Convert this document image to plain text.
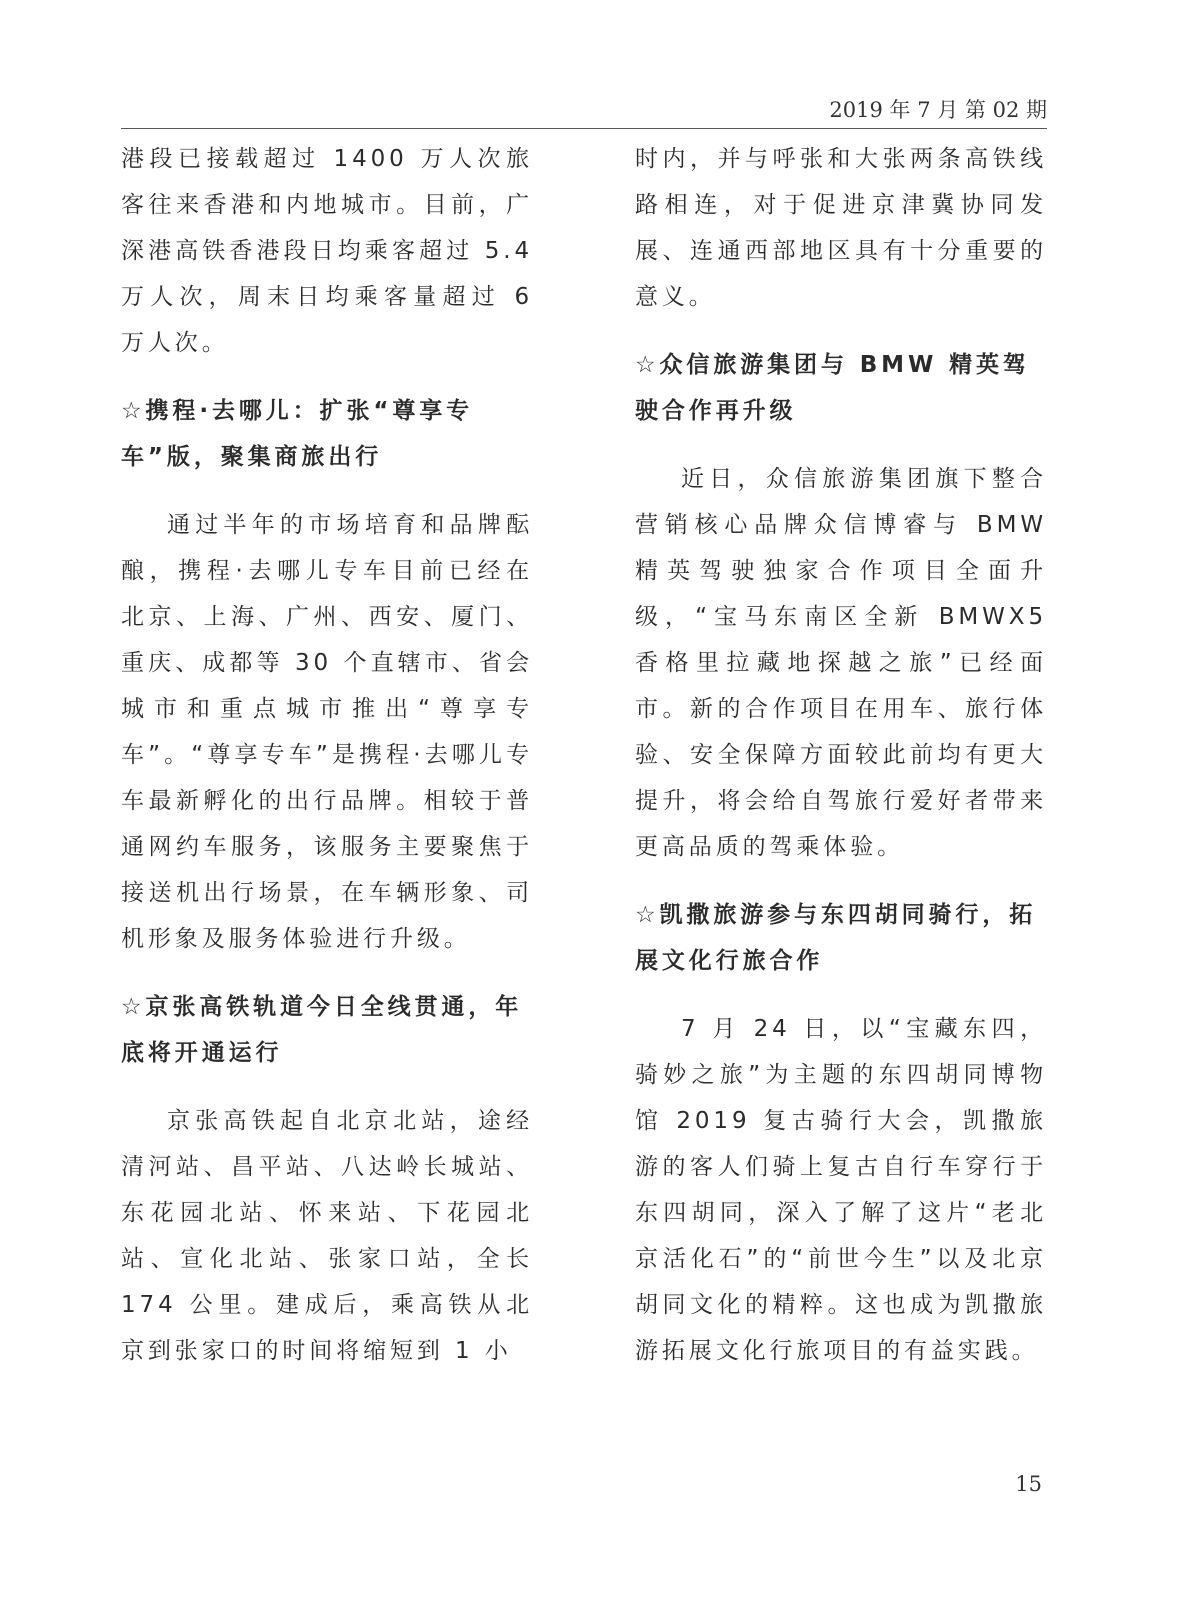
2019 年 7 月 第 02 期

港段已接载超过 1400 万人次旅客往来香港和内地城市。目前，广深港高铁香港段日均乘客超过 5.4 万人次，周末日均乘客量超过 6 万人次。

☆携程·去哪儿：扩张“尊享专车”版，聚集商旅出行

通过半年的市场培育和品牌酝酿，携程·去哪儿专车目前已经在北京、上海、广州、西安、厦门、重庆、成都等 30 个直辖市、省会城市和重点城市推出“尊享专车”。“尊享专车”是携程·去哪儿专车最新孵化的出行品牌。相较于普通网约车服务，该服务主要聚焦于接送机出行场景，在车辆形象、司机形象及服务体验进行升级。

☆京张高铁轨道今日全线贯通，年底将开通运行

京张高铁起自北京北站，途经清河站、昌平站、八达岭长城站、东花园北站、怀来站、下花园北站、宣化北站、张家口站，全长 174 公里。建成后，乘高铁从北京到张家口的时间将缩短到 1 小

时内，并与呼张和大张两条高铁线路相连，对于促进京津冀协同发展、连通西部地区具有十分重要的意义。

☆众信旅游集团与 BMW 精英驾驶合作再升级

近日，众信旅游集团旗下整合营销核心品牌众信博睿与 BMW 精英驾驶独家合作项目全面升级，“宝马东南区全新 BMWX5 香格里拉藏地探越之旅”已经面市。新的合作项目在用车、旅行体验、安全保障方面较此前均有更大提升，将会给自驾旅行爱好者带来更高品质的驾乘体验。

☆凯撒旅游参与东四胡同骑行，拓展文化行旅合作

7 月 24 日，以“宝藏东四，骑妙之旅”为主题的东四胡同博物馆 2019 复古骑行大会，凯撒旅游的客人们骑上复古自行车穿行于东四胡同，深入了解了这片“老北京活化石”的“前世今生”以及北京胡同文化的精粹。这也成为凯撒旅游拓展文化行旅项目的有益实践。

15
